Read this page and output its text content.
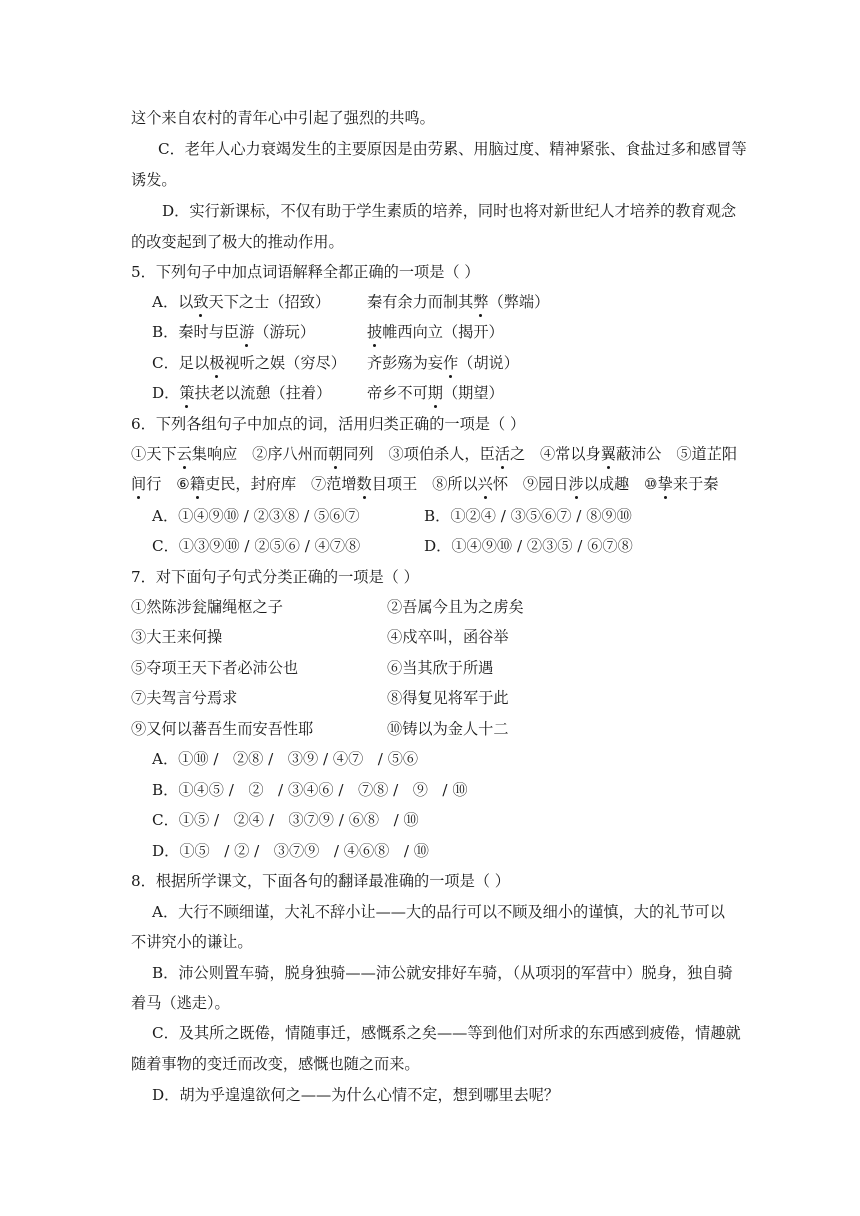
这个来自农村的青年心中引起了强烈的共鸣。
C．老年人心力衰竭发生的主要原因是由劳累、用脑过度、精神紧张、食盐过多和感冒等
诱发。
D．实行新课标，不仅有助于学生素质的培养，同时也将对新世纪人才培养的教育观念
的改变起到了极大的推动作用。
5．下列句子中加点词语解释全都正确的一项是（ ）
A．以致天下之士（招致） 秦有余力而制其弊（弊端）
B．秦时与臣游（游玩）	披帷西向立（揭开）
C．足以极视听之娱（穷尽） 齐彭殇为妄作（胡说）
D．策扶老以流憩（拄着） 帝乡不可期（期望）
6．下列各组句子中加点的词，活用归类正确的一项是（ ）
①天下云集响应 ②序八州而朝同列 ③项伯杀人，臣活之 ④常以身翼蔽沛公 ⑤道芷阳
间行 ⑥籍吏民，封府库 ⑦范增数目项王 ⑧所以兴怀 ⑨园日涉以成趣 ⑩挚来于秦
A．①④⑨⑩ / ②③⑧ / ⑤⑥⑦	B．①②④ / ③⑤⑥⑦ / ⑧⑨⑩
C．①③⑨⑩ / ②⑤⑥ / ④⑦⑧	D．①④⑨⑩ / ②③⑤ / ⑥⑦⑧
7．对下面句子句式分类正确的一项是（ ）
①然陈涉瓮牖绳枢之子	②吾属今且为之虏矣
③大王来何操	④戍卒叫，函谷举
⑤夺项王天下者必沛公也	⑥当其欣于所遇
⑦夫驾言兮焉求	⑧得复见将军于此
⑨又何以蕃吾生而安吾性耶	⑩铸以为金人十二
A．①⑩ /   ②⑧ /   ③⑨ / ④⑦   / ⑤⑥
B．①④⑤ /   ②   / ③④⑥ /   ⑦⑧ /   ⑨   / ⑩
C．①⑤ /   ②④ /   ③⑦⑨ / ⑥⑧   / ⑩
D．①⑤   / ② /   ③⑦⑨   / ④⑥⑧   / ⑩
8．根据所学课文，下面各句的翻译最准确的一项是（ ）
A．大行不顾细谨，大礼不辞小让——大的品行可以不顾及细小的谨慎，大的礼节可以
不讲究小的谦让。
B．沛公则置车骑，脱身独骑——沛公就安排好车骑，（从项羽的军营中）脱身，独自骑
着马（逃走）。
C．及其所之既倦，情随事迁，感慨系之矣——等到他们对所求的东西感到疲倦，情趣就
随着事物的变迁而改变，感慨也随之而来。
D．胡为乎遑遑欲何之——为什么心情不定，想到哪里去呢？
